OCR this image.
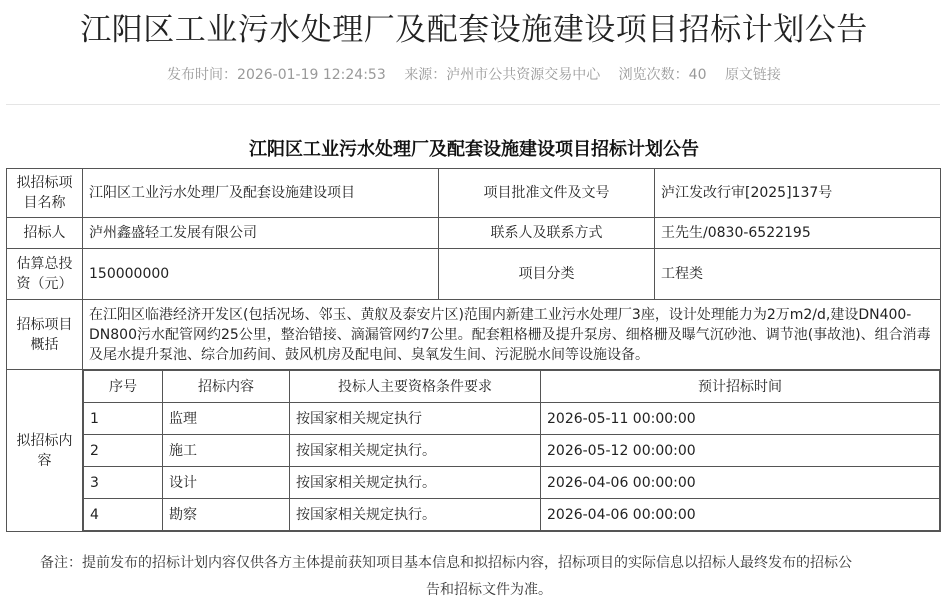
江阳区工业污水处理厂及配套设施建设项目招标计划公告
发布时间：2026-01-19 12:24:53 来源：泸州市公共资源交易中心 浏览次数：40 原文链接
江阳区工业污水处理厂及配套设施建设项目招标计划公告
拟招标项目名称	江阳区工业污水处理厂及配套设施建设项目	项目批准文件及文号	泸江发改行审[2025]137号
招标人	泸州鑫盛轻工发展有限公司	联系人及联系方式	王先生/0830-6522195
估算总投资（元）	150000000	项目分类	工程类
招标项目概括	在江阳区临港经济开发区(包括况场、邻玉、黄舣及泰安片区)范围内新建工业污水处理厂3座，设计处理能力为2万m2/d,建设DN400-DN800污水配管网约25公里，整治错接、滴漏管网约7公里。配套粗格栅及提升泵房、细格栅及曝气沉砂池、调节池(事故池)、组合消毒及尾水提升泵池、综合加药间、鼓风机房及配电间、臭氧发生间、污泥脱水间等设施设备。
拟招标内容	
序号	招标内容	投标人主要资格条件要求	预计招标时间
1	监理	按国家相关规定执行	2026-05-11 00:00:00
2	施工	按国家相关规定执行。	2026-05-12 00:00:00
3	设计	按国家相关规定执行。	2026-04-06 00:00:00
4	勘察	按国家相关规定执行。	2026-04-06 00:00:00
备注：提前发布的招标计划内容仅供各方主体提前获知项目基本信息和拟招标内容，招标项目的实际信息以招标人最终发布的招标公
告和招标文件为准。
